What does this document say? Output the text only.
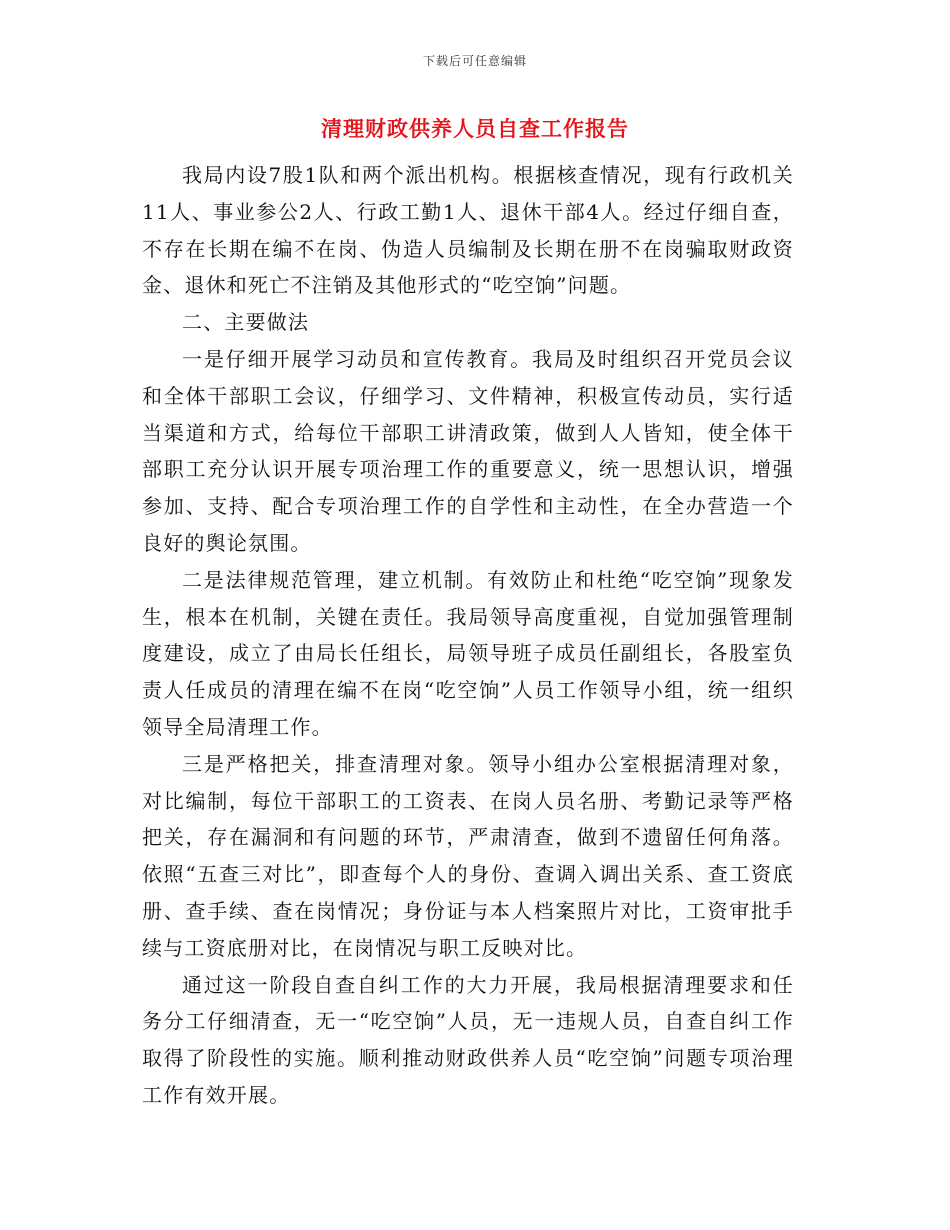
下载后可任意编辑
清理财政供养人员自查工作报告

我局内设7股1队和两个派出机构。根据核查情况，现有行政机关11人、事业参公2人、行政工勤1人、退休干部4人。经过仔细自查，不存在长期在编不在岗、伪造人员编制及长期在册不在岗骗取财政资金、退休和死亡不注销及其他形式的“吃空饷”问题。

二、主要做法

一是仔细开展学习动员和宣传教育。我局及时组织召开党员会议和全体干部职工会议，仔细学习、文件精神，积极宣传动员，实行适当渠道和方式，给每位干部职工讲清政策，做到人人皆知，使全体干部职工充分认识开展专项治理工作的重要意义，统一思想认识，增强参加、支持、配合专项治理工作的自学性和主动性，在全办营造一个良好的舆论氛围。

二是法律规范管理，建立机制。有效防止和杜绝“吃空饷”现象发生，根本在机制，关键在责任。我局领导高度重视，自觉加强管理制度建设，成立了由局长任组长，局领导班子成员任副组长，各股室负责人任成员的清理在编不在岗“吃空饷”人员工作领导小组，统一组织领导全局清理工作。

三是严格把关，排查清理对象。领导小组办公室根据清理对象，对比编制，每位干部职工的工资表、在岗人员名册、考勤记录等严格把关，存在漏洞和有问题的环节，严肃清查，做到不遗留任何角落。依照“五查三对比”，即查每个人的身份、查调入调出关系、查工资底册、查手续、查在岗情况；身份证与本人档案照片对比，工资审批手续与工资底册对比，在岗情况与职工反映对比。

通过这一阶段自查自纠工作的大力开展，我局根据清理要求和任务分工仔细清查，无一“吃空饷”人员，无一违规人员，自查自纠工作取得了阶段性的实施。顺利推动财政供养人员“吃空饷”问题专项治理工作有效开展。
